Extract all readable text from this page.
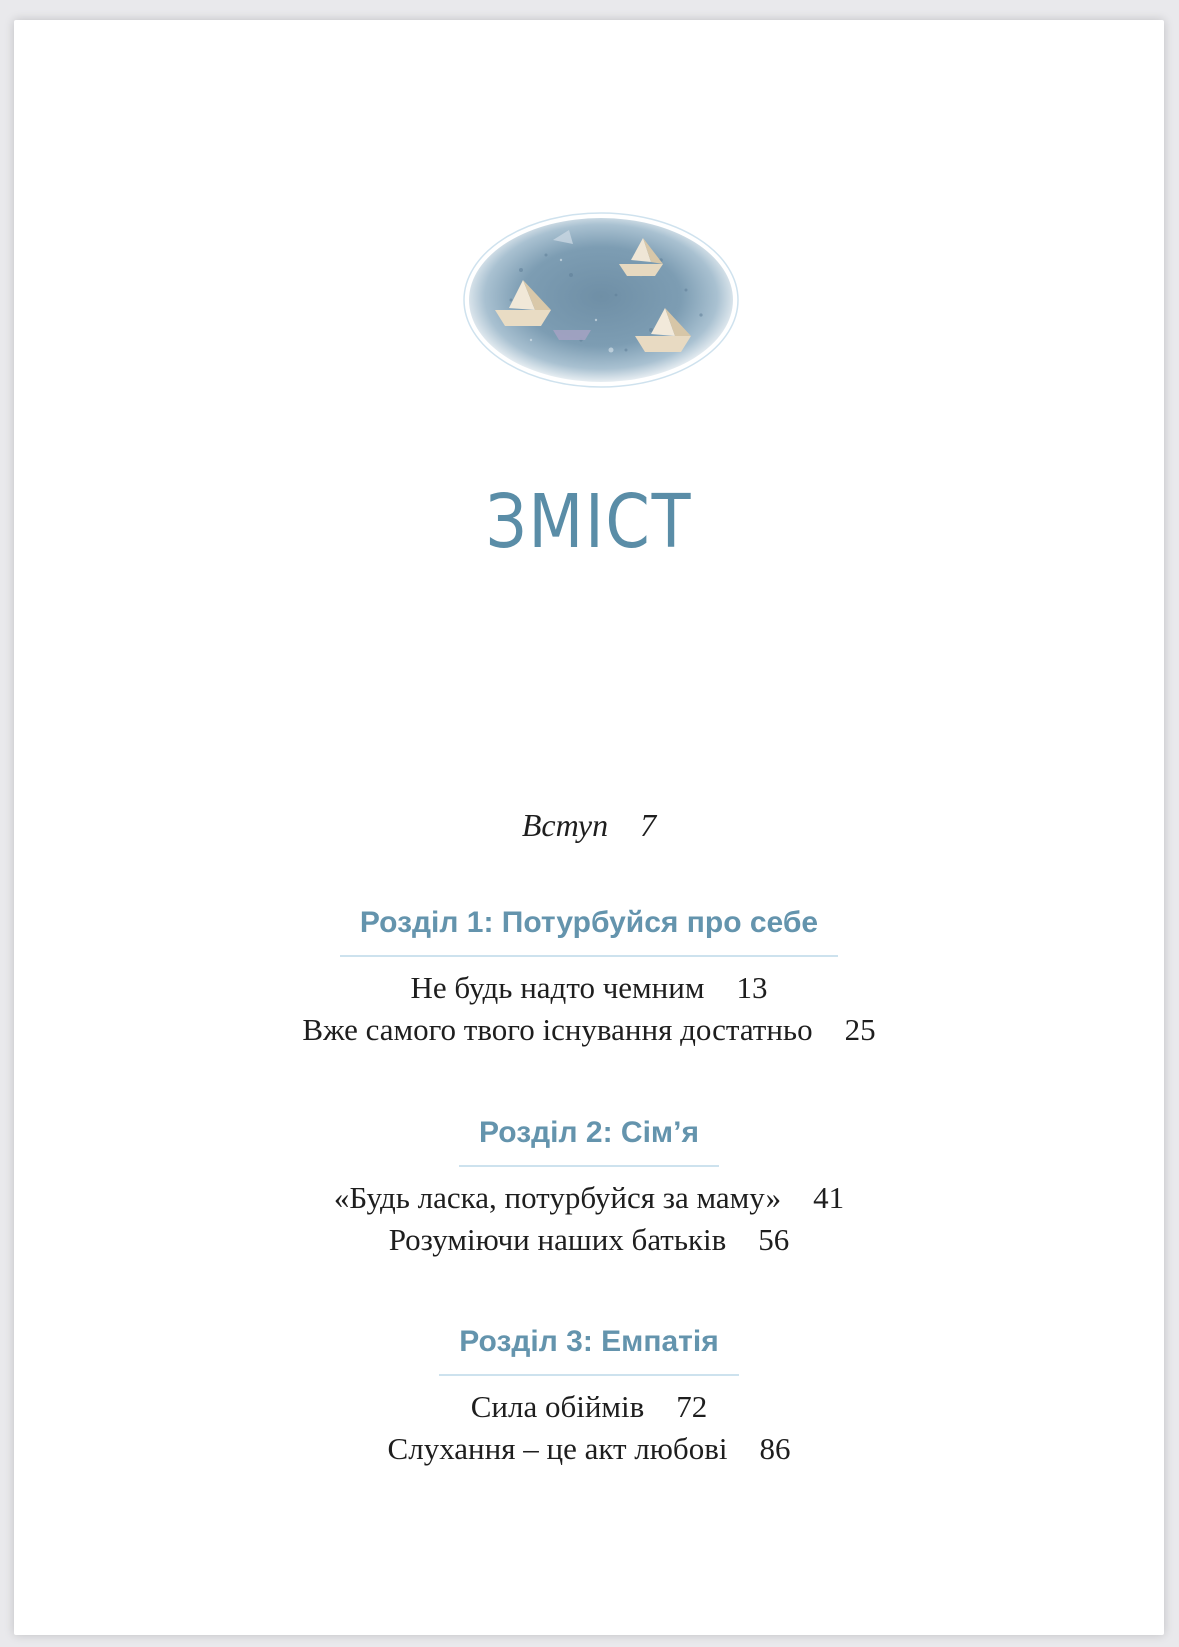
ЗМІСТ
Вступ 7
Розділ 1: Потурбуйся про себе
Не будь надто чемним 13
Вже самого твого існування достатньо 25
Розділ 2: Сім’я
«Будь ласка, потурбуйся за маму» 41
Розуміючи наших батьків 56
Розділ 3: Емпатія
Сила обіймів 72
Слухання – це акт любові 86
